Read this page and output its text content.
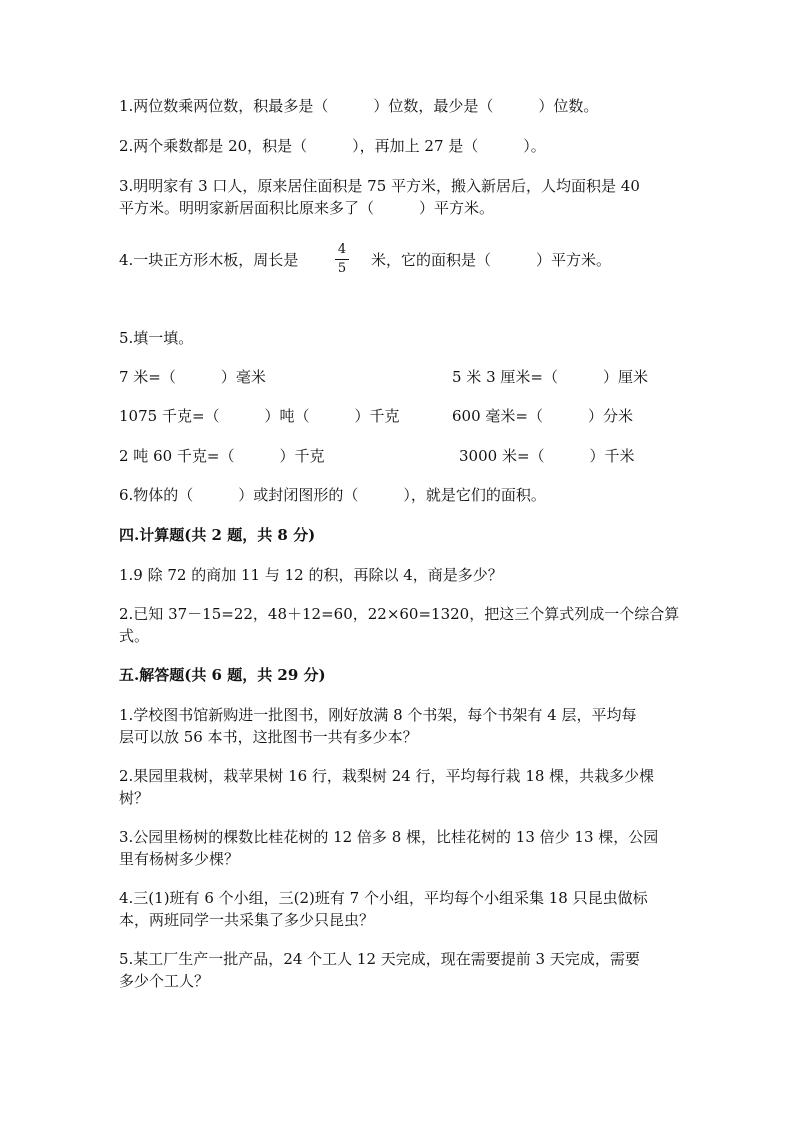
1.两位数乘两位数，积最多是（　　　）位数，最少是（　　　）位数。
2.两个乘数都是 20，积是（　　　），再加上 27 是（　　　）。
3.明明家有 3 口人，原来居住面积是 75 平方米，搬入新居后，人均面积是 40
平方米。明明家新居面积比原来多了（　　　）平方米。
4.一块正方形木板，周长是
4
5	米，它的面积是（　　　）平方米。
5.填一填。
7 米=（　　　）毫米	5 米 3 厘米=（　　　）厘米
1075 千克=（　　　）吨（　　　）千克	600 毫米=（　　　）分米
2 吨 60 千克=（　　　）千克	3000 米=（　　　）千米
6.物体的（　　　）或封闭图形的（　　　），就是它们的面积。
四.计算题(共 2 题，共 8 分)
1.9 除 72 的商加 11 与 12 的积，再除以 4，商是多少？
2.已知 37－15=22，48＋12=60，22×60=1320，把这三个算式列成一个综合算
式。
五.解答题(共 6 题，共 29 分)
1.学校图书馆新购进一批图书，刚好放满 8 个书架，每个书架有 4 层，平均每
层可以放 56 本书，这批图书一共有多少本？
2.果园里栽树，栽苹果树 16 行，栽梨树 24 行，平均每行栽 18 棵，共栽多少棵
树？
3.公园里杨树的棵数比桂花树的 12 倍多 8 棵，比桂花树的 13 倍少 13 棵，公园
里有杨树多少棵？
4.三(1)班有 6 个小组，三(2)班有 7 个小组，平均每个小组采集 18 只昆虫做标
本，两班同学一共采集了多少只昆虫？
5.某工厂生产一批产品，24 个工人 12 天完成，现在需要提前 3 天完成，需要
多少个工人？
